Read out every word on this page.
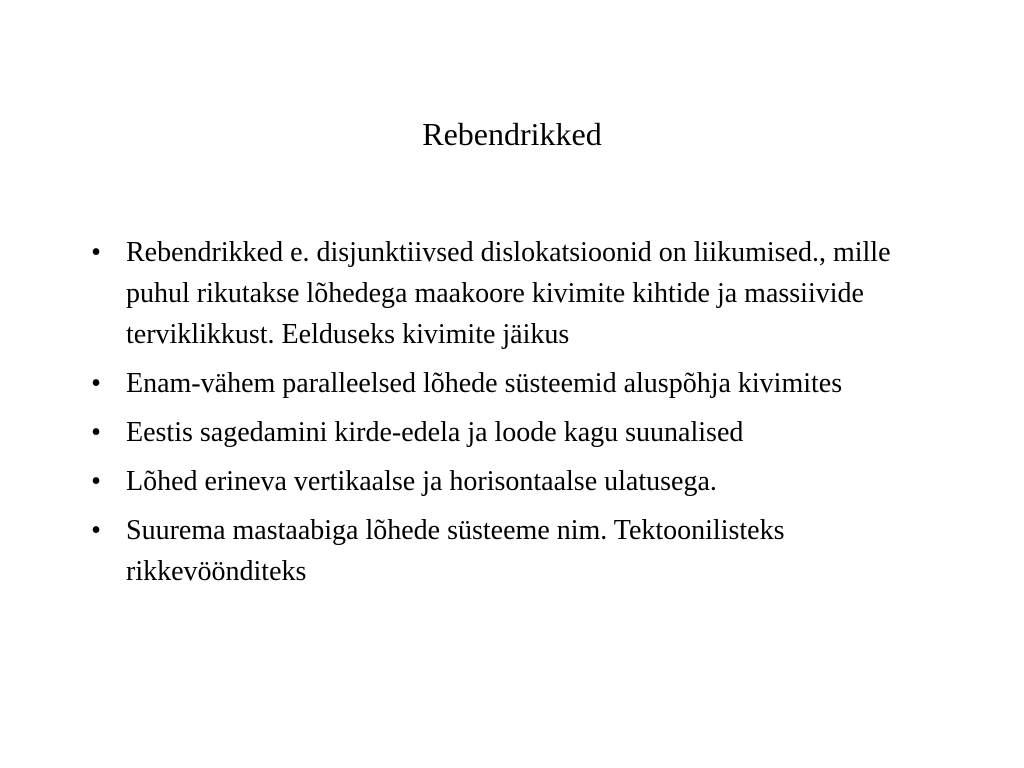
Rebendrikked
• Rebendrikked e. disjunktiivsed dislokatsioonid on liikumised., mille puhul rikutakse lõhedega maakoore kivimite kihtide ja massiivide terviklikkust. Eelduseks kivimite jäikus
• Enam-vähem paralleelsed lõhede süsteemid aluspõhja kivimites
• Eestis sagedamini kirde-edela ja loode kagu suunalised
• Lõhed erineva vertikaalse ja horisontaalse ulatusega.
• Suurema mastaabiga lõhede süsteeme nim. Tektoonilisteks rikkevöönditeks
